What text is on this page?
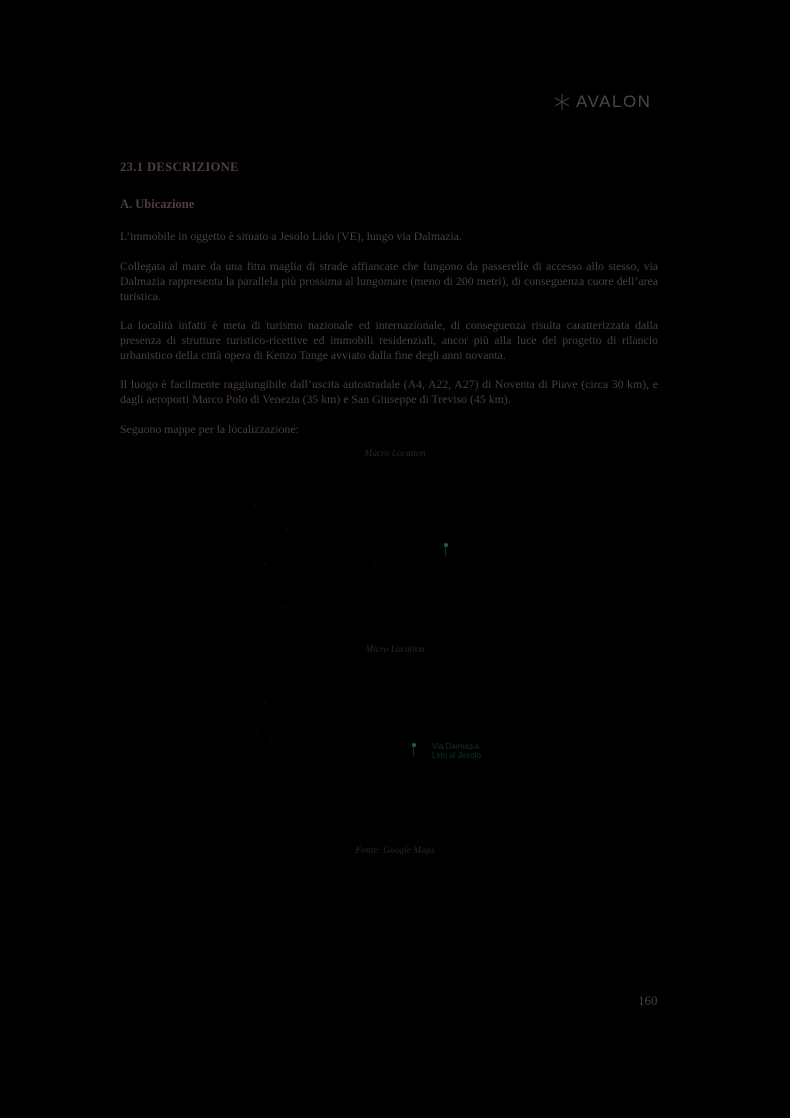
AVALON
23.1 DESCRIZIONE
A. Ubicazione

L’immobile in oggetto è situato a Jesolo Lido (VE), lungo via Dalmazia.

Collegata al mare da una fitta maglia di strade affiancate che fungono da passerelle di accesso allo stesso, via Dalmazia rappresenta la parallela più prossima al lungomare (meno di 200 metri), di conseguenza cuore dell’area turistica.

La località infatti è meta di turismo nazionale ed internazionale, di conseguenza risulta caratterizzata dalla presenza di strutture turistico-ricettive ed immobili residenziali, ancor più alla luce del progetto di rilancio urbanistico della città opera di Kenzo Tange avviato dalla fine degli anni novanta.

Il luogo è facilmente raggiungibile dall’uscita autostradale (A4, A22, A27) di Noventa di Piave (circa 30 km), e dagli aeroporti Marco Polo di Venezia (35 km) e San Giuseppe di Treviso (45 km).

Seguono mappe per la localizzazione:

Macro Location

Micro Location

Via Dalmazia,
Lido di Jesolo

Fonte: Google Maps

160
